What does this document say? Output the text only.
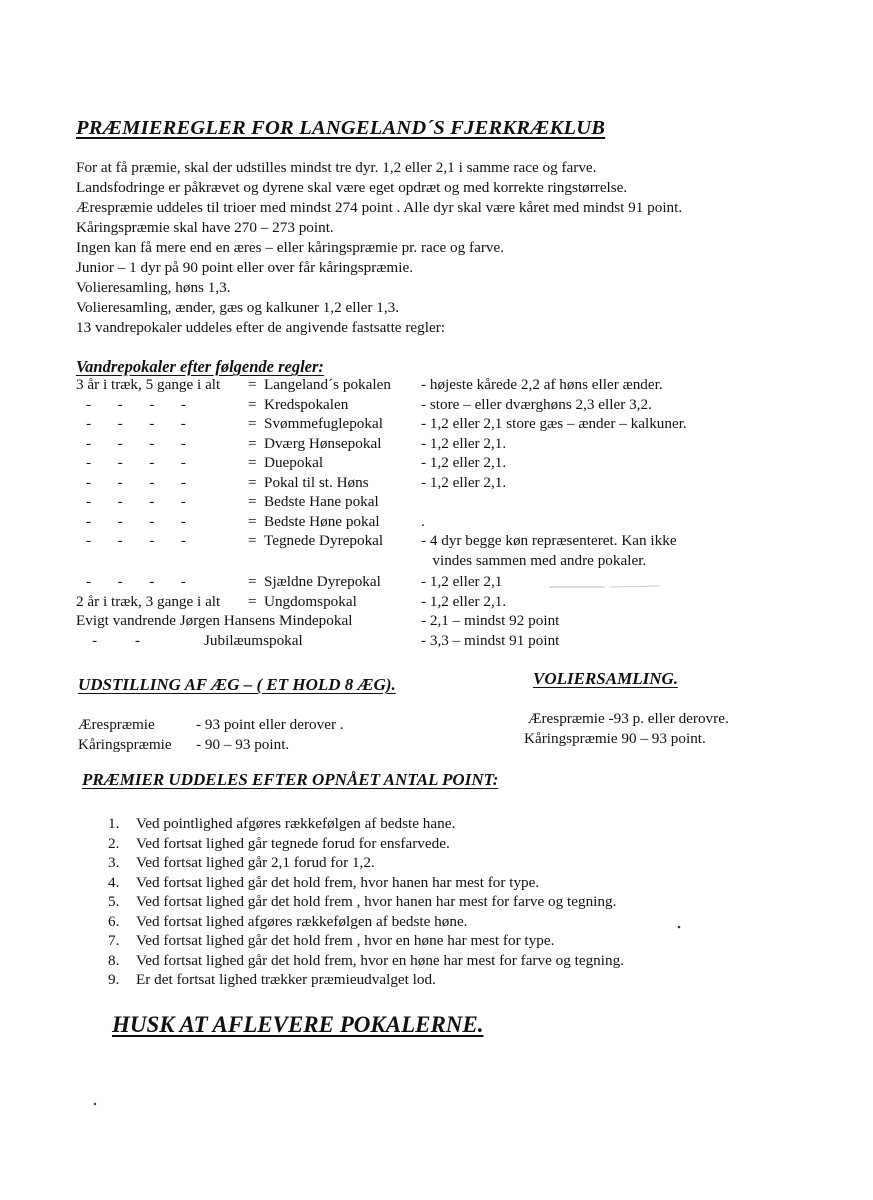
PRÆMIEREGLER FOR LANGELAND´S FJERKRÆKLUB
For at få præmie, skal der udstilles mindst tre dyr. 1,2 eller 2,1 i samme race og farve.
Landsfodringe er påkrævet og dyrene skal være eget opdræt og med korrekte ringstørrelse.
Ærespræmie uddeles til trioer med mindst 274 point . Alle dyr skal være kåret med mindst 91 point.
Kåringspræmie skal have 270 – 273 point.
Ingen kan få mere end en æres – eller kåringspræmie pr. race og farve.
Junior – 1 dyr på 90 point eller over får kåringspræmie.
Volieresamling, høns 1,3.
Volieresamling, ænder, gæs og kalkuner 1,2 eller 1,3.
13 vandrepokaler uddeles efter de angivende fastsatte regler:
Vandrepokaler efter følgende regler:
3 år i træk, 5 gange i alt = Langeland´s pokalen - højeste kårede 2,2 af høns eller ænder.
-       -       -       -	= Kredspokalen	- store – eller dværghøns 2,3 eller 3,2.
-       -       -       -	= Svømmefuglepokal	- 1,2 eller 2,1 store gæs – ænder – kalkuner.
-       -       -       -	= Dværg Hønsepokal	- 1,2 eller 2,1.
-       -       -       -	= Duepokal	- 1,2 eller 2,1.
-       -       -       -	= Pokal til st. Høns	- 1,2 eller 2,1.
-       -       -       -	= Bedste Hane pokal
-       -       -       -	= Bedste Høne pokal	.
-       -       -       -	= Tegnede Dyrepokal - 4 dyr begge køn repræsenteret. Kan ikke
vindes sammen med andre pokaler.
-       -       -       -	= Sjældne Dyrepokal	- 1,2 eller 2,1
2 år i træk, 3 gange i alt = Ungdomspokal	- 1,2 eller 2,1.
Evigt vandrende Jørgen Hansens Mindepokal	- 2,1 – mindst 92 point
-          -	Jubilæumspokal	- 3,3 – mindst 91 point
UDSTILLING AF ÆG – ( ET HOLD 8 ÆG).	VOLIERSAMLING.
Ærespræmie	- 93 point eller derover .
Kåringspræmie - 90 – 93 point.
Ærespræmie -93 p. eller derovre.
Kåringspræmie 90 – 93 point.
PRÆMIER UDDELES EFTER OPNÅET ANTAL POINT:
1.	Ved pointlighed afgøres rækkefølgen af bedste hane.
2.	Ved fortsat lighed går tegnede forud for ensfarvede.
3.	Ved fortsat lighed går 2,1 forud for 1,2.
4.	Ved fortsat lighed går det hold frem, hvor hanen har mest for type.
5.	Ved fortsat lighed går det hold frem , hvor hanen har mest for farve og tegning.
6.	Ved fortsat lighed afgøres rækkefølgen af bedste høne.
7.	Ved fortsat lighed går det hold frem , hvor en høne har mest for type.
8.	Ved fortsat lighed går det hold frem, hvor en høne har mest for farve og tegning.
9.	Er det fortsat lighed trækker præmieudvalget lod.
HUSK AT AFLEVERE POKALERNE.
